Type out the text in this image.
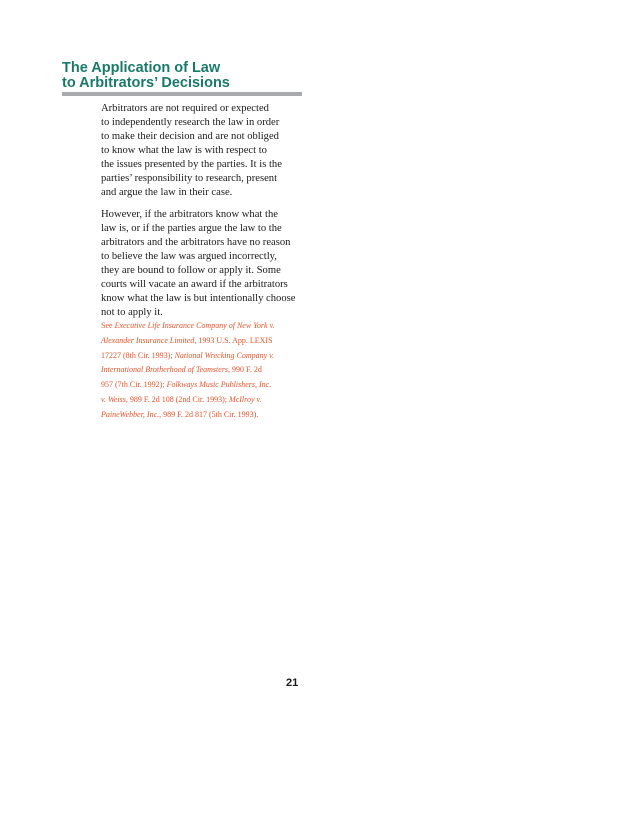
The Application of Law
to Arbitrators’ Decisions

Arbitrators are not required or expected
to independently research the law in order
to make their decision and are not obliged
to know what the law is with respect to
the issues presented by the parties. It is the
parties’ responsibility to research, present
and argue the law in their case.

However, if the arbitrators know what the
law is, or if the parties argue the law to the
arbitrators and the arbitrators have no reason
to believe the law was argued incorrectly,
they are bound to follow or apply it. Some
courts will vacate an award if the arbitrators
know what the law is but intentionally choose
not to apply it.

See Executive Life Insurance Company of New York v.
Alexander Insurance Limited, 1993 U.S. App. LEXIS
17227 (8th Cir. 1993); National Wrecking Company v.
International Brotherhood of Teamsters, 990 F. 2d
957 (7th Cir. 1992); Folkways Music Publishers, Inc.
v. Weiss, 989 F. 2d 108 (2nd Cir. 1993); McIlroy v.
PaineWebber, Inc., 989 F. 2d 817 (5th Cir. 1993).
21
